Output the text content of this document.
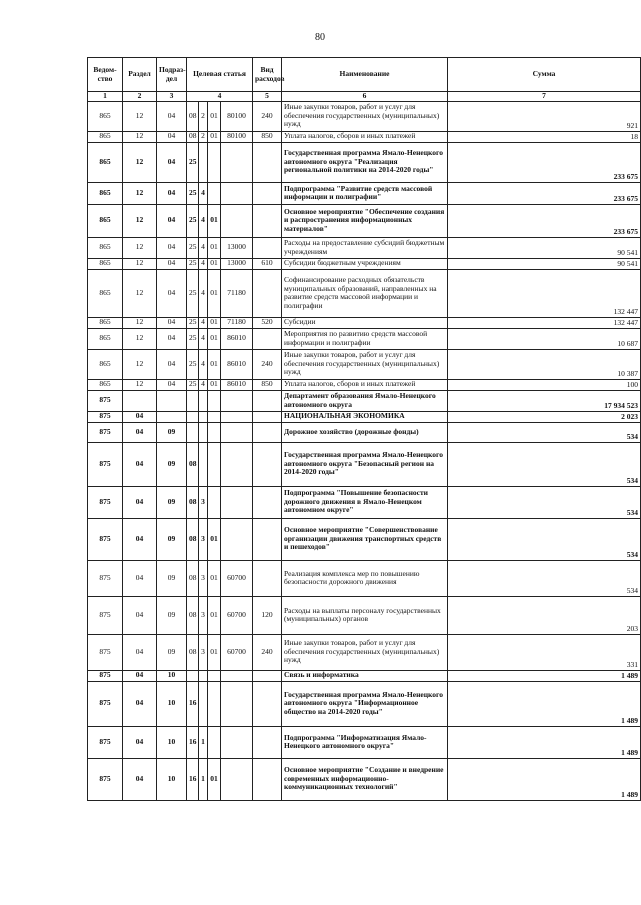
80
Ведом-ство	Раздел	Подраз-дел	Целевая статья				Вид расходов	Наименование	Сумма
1	2	3	4				5	6	7
865	12	04	08	2	01	80100	240	Иные закупки товаров, работ и услуг для обеспечения государственных (муниципальных) нужд	921
865	12	04	08	2	01	80100	850	Уплата налогов, сборов и иных платежей	18
865	12	04	25					Государственная программа Ямало-Ненецкого автономного округа "Реализация региональной политики на 2014-2020 годы"	233 675
865	12	04	25	4				Подпрограмма "Развитие средств массовой информации и полиграфии"	233 675
865	12	04	25	4	01			Основное мероприятие "Обеспечение создания и распространения информационных материалов"	233 675
865	12	04	25	4	01	13000		Расходы на предоставление субсидий бюджетным учреждениям	90 541
865	12	04	25	4	01	13000	610	Субсидии бюджетным учреждениям	90 541
865	12	04	25	4	01	71180		Софинансирование расходных обязательств муниципальных образований, направленных на развитие средств массовой информации и полиграфии	132 447
865	12	04	25	4	01	71180	520	Субсидии	132 447
865	12	04	25	4	01	86010		Мероприятия по развитию средств массовой информации и полиграфии	10 687
865	12	04	25	4	01	86010	240	Иные закупки товаров, работ и услуг для обеспечения государственных (муниципальных) нужд	10 387
865	12	04	25	4	01	86010	850	Уплата налогов, сборов и иных платежей	100
875								Департамент образования Ямало-Ненецкого автономного округа	17 934 523
875	04							НАЦИОНАЛЬНАЯ ЭКОНОМИКА	2 023
875	04	09						Дорожное хозяйство (дорожные фонды)	534
875	04	09	08					Государственная программа Ямало-Ненецкого автономного округа "Безопасный регион на 2014-2020 годы"	534
875	04	09	08	3				Подпрограмма "Повышение безопасности дорожного движения в Ямало-Ненецком автономном округе"	534
875	04	09	08	3	01			Основное мероприятие "Совершенствование организации движения транспортных средств и пешеходов"	534
875	04	09	08	3	01	60700		Реализация комплекса мер по повышению безопасности дорожного движения	534
875	04	09	08	3	01	60700	120	Расходы на выплаты персоналу государственных (муниципальных) органов	203
875	04	09	08	3	01	60700	240	Иные закупки товаров, работ и услуг для обеспечения государственных (муниципальных) нужд	331
875	04	10						Связь и информатика	1 489
875	04	10	16					Государственная программа Ямало-Ненецкого автономного округа "Информационное общество на 2014-2020 годы"	1 489
875	04	10	16	1				Подпрограмма "Информатизация Ямало-Ненецкого автономного округа"	1 489
875	04	10	16	1	01			Основное мероприятие "Создание и внедрение современных информационно-коммуникационных технологий"	1 489
